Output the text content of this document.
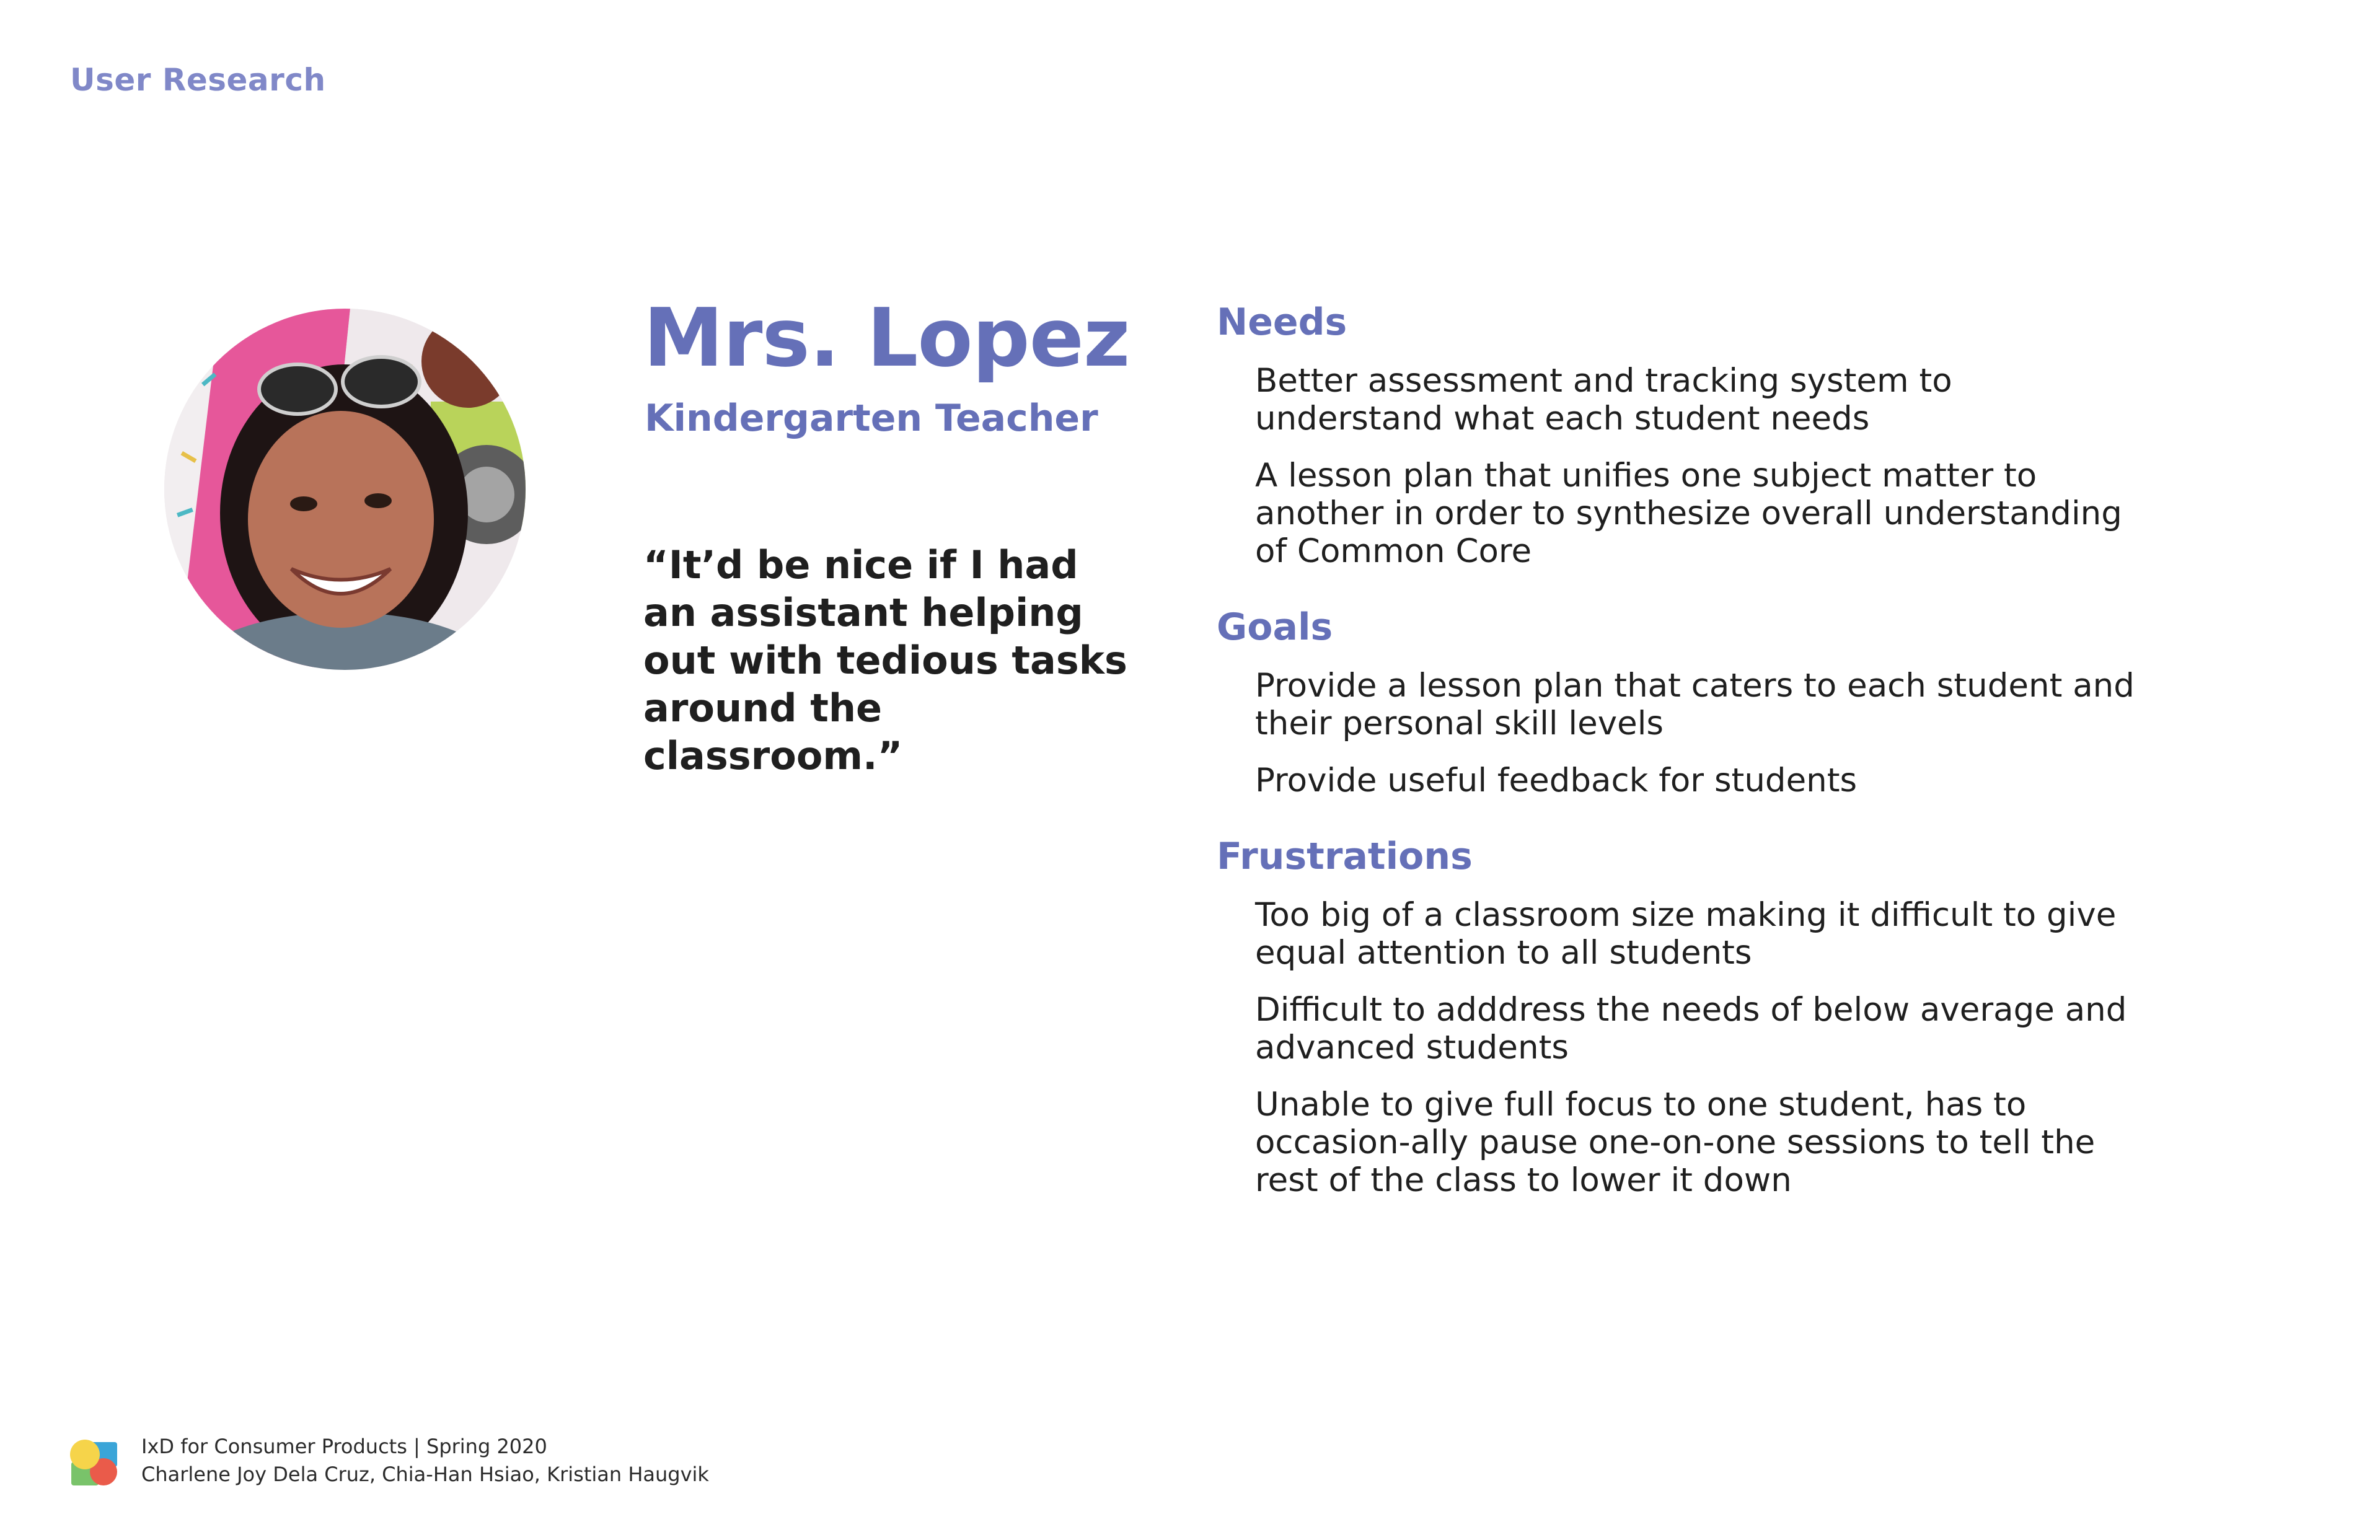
User Research
Mrs. Lopez
Kindergarten Teacher

“It’d be nice if I had an assistant helping out with tedious tasks around the classroom.”

Needs
Better assessment and tracking system to understand what each student needs
A lesson plan that unifies one subject matter to another in order to synthesize overall understanding of Common Core
Goals
Provide a lesson plan that caters to each student and their personal skill levels
Provide useful feedback for students
Frustrations
Too big of a classroom size making it difficult to give equal attention to all students
Difficult to adddress the needs of below average and advanced students
Unable to give full focus to one student, has to occasion-ally pause one-on-one sessions to tell the rest of the class to lower it down
IxD for Consumer Products | Spring 2020
Charlene Joy Dela Cruz, Chia-Han Hsiao, Kristian Haugvik
